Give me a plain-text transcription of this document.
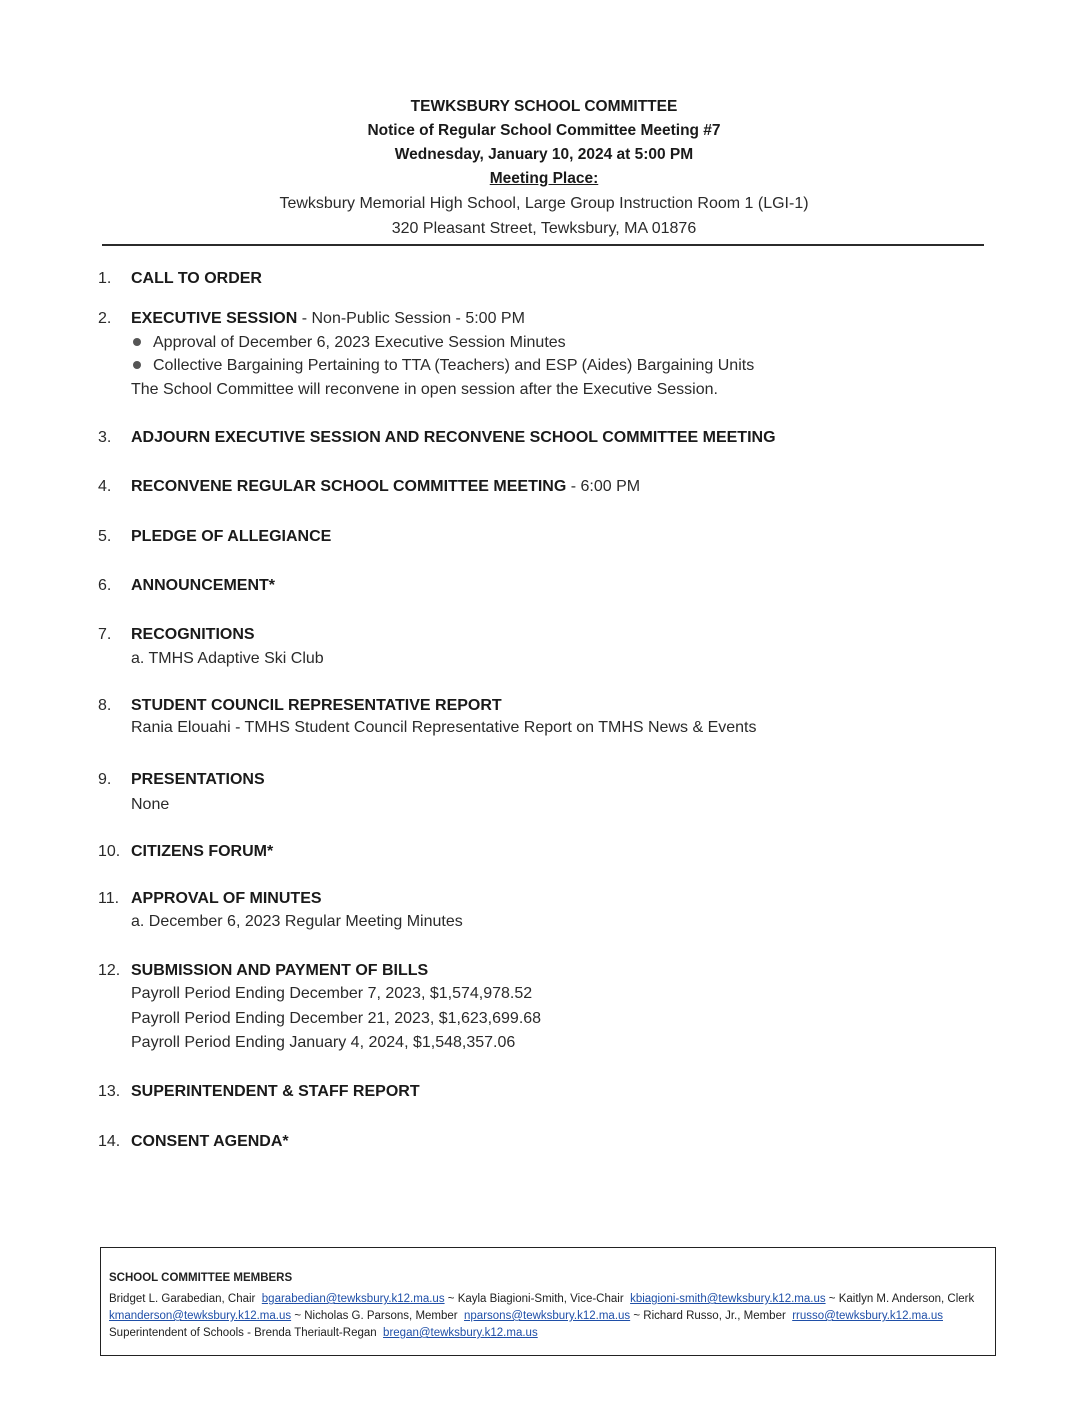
TEWKSBURY SCHOOL COMMITTEE
Notice of Regular School Committee Meeting #7
Wednesday, January 10, 2024 at 5:00 PM
Meeting Place:
Tewksbury Memorial High School, Large Group Instruction Room 1 (LGI-1)
320 Pleasant Street, Tewksbury, MA 01876
1. CALL TO ORDER
2. EXECUTIVE SESSION - Non-Public Session - 5:00 PM
Approval of December 6, 2023 Executive Session Minutes
Collective Bargaining Pertaining to TTA (Teachers) and ESP (Aides) Bargaining Units
The School Committee will reconvene in open session after the Executive Session.
3. ADJOURN EXECUTIVE SESSION AND RECONVENE SCHOOL COMMITTEE MEETING
4. RECONVENE REGULAR SCHOOL COMMITTEE MEETING - 6:00 PM
5. PLEDGE OF ALLEGIANCE
6. ANNOUNCEMENT*
7. RECOGNITIONS
a. TMHS Adaptive Ski Club
8. STUDENT COUNCIL REPRESENTATIVE REPORT
Rania Elouahi - TMHS Student Council Representative Report on TMHS News & Events
9. PRESENTATIONS
None
10. CITIZENS FORUM*
11. APPROVAL OF MINUTES
a. December 6, 2023 Regular Meeting Minutes
12. SUBMISSION AND PAYMENT OF BILLS
Payroll Period Ending December 7, 2023, $1,574,978.52
Payroll Period Ending December 21, 2023, $1,623,699.68
Payroll Period Ending January 4, 2024, $1,548,357.06
13. SUPERINTENDENT & STAFF REPORT
14. CONSENT AGENDA*
SCHOOL COMMITTEE MEMBERS
Bridget L. Garabedian, Chair bgarabedian@tewksbury.k12.ma.us ~ Kayla Biagioni-Smith, Vice-Chair kbiagioni-smith@tewksbury.k12.ma.us ~ Kaitlyn M. Anderson, Clerk
kmanderson@tewksbury.k12.ma.us ~ Nicholas G. Parsons, Member nparsons@tewksbury.k12.ma.us ~ Richard Russo, Jr., Member rrusso@tewksbury.k12.ma.us
Superintendent of Schools - Brenda Theriault-Regan bregan@tewksbury.k12.ma.us
